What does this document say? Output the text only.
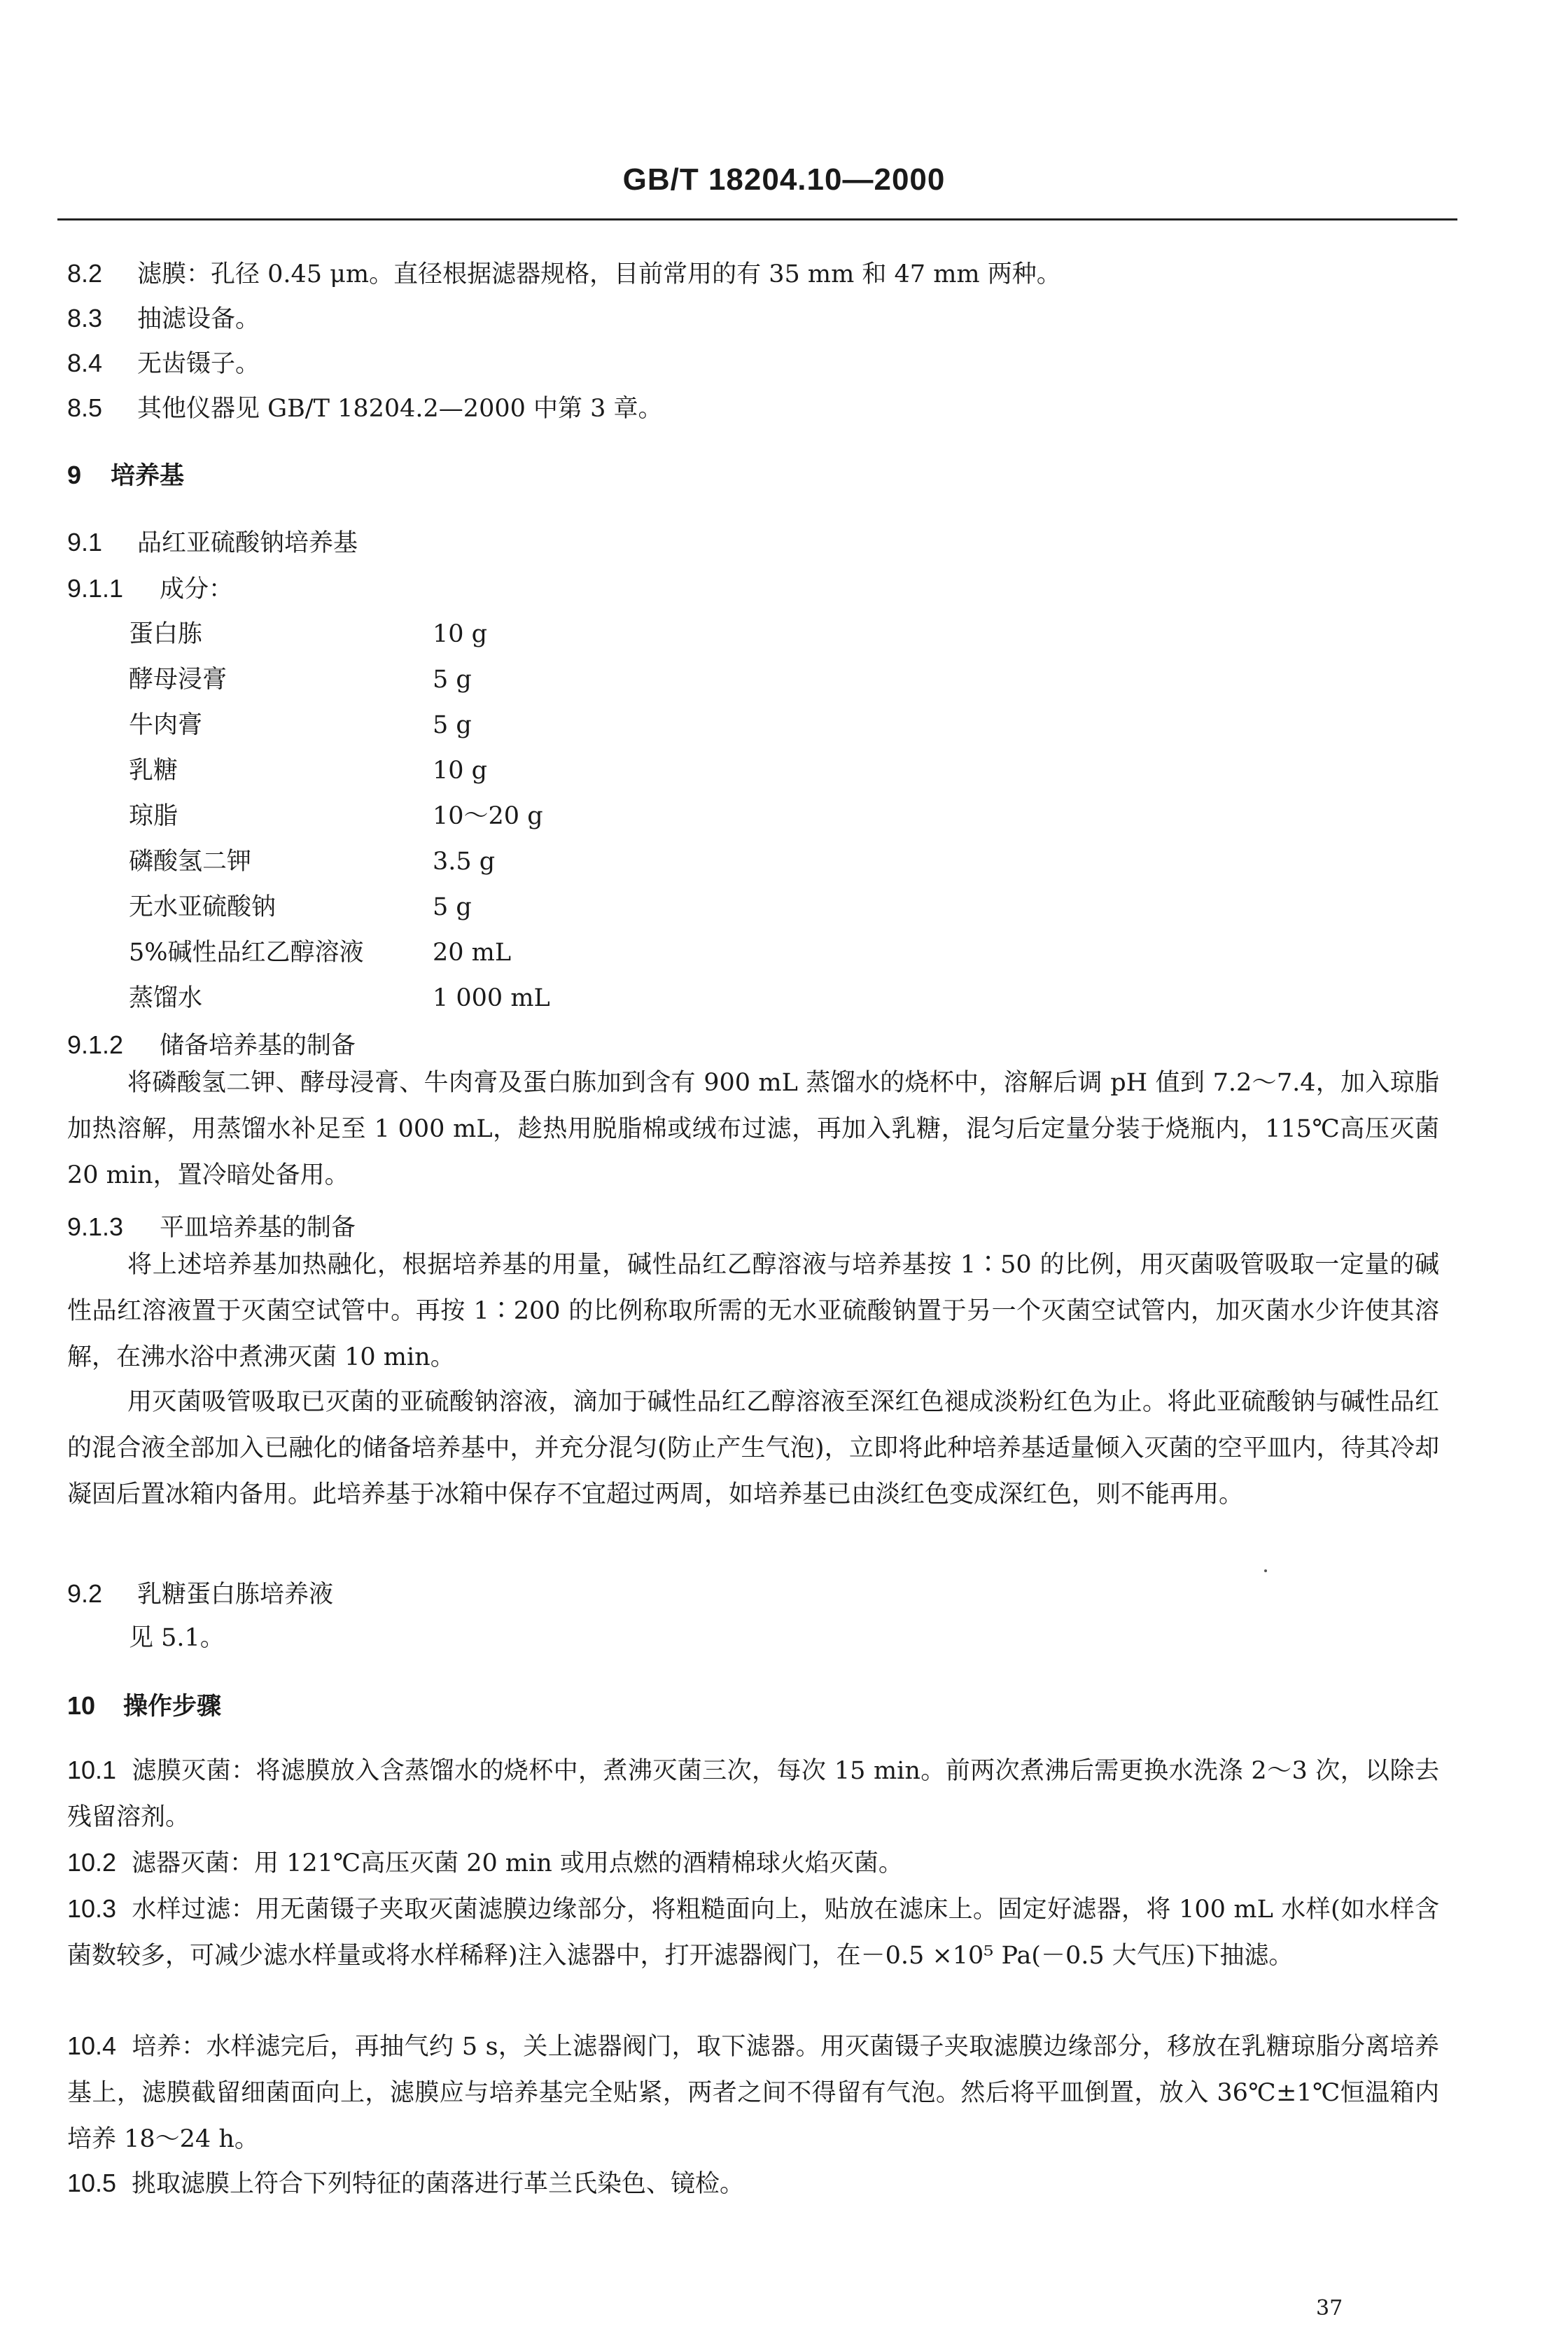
GB/T 18204.10—2000
8.2 滤膜：孔径 0.45 μm。直径根据滤器规格，目前常用的有 35 mm 和 47 mm 两种。
8.3 抽滤设备。
8.4 无齿镊子。
8.5 其他仪器见 GB/T 18204.2—2000 中第 3 章。
9 培养基
9.1 品红亚硫酸钠培养基
9.1.1 成分：
蛋白胨	10 g
酵母浸膏	5 g
牛肉膏	5 g
乳糖	10 g
琼脂	10～20 g
磷酸氢二钾	3.5 g
无水亚硫酸钠	5 g
5%碱性品红乙醇溶液	20 mL
蒸馏水	1 000 mL
9.1.2 储备培养基的制备
将磷酸氢二钾、酵母浸膏、牛肉膏及蛋白胨加到含有 900 mL 蒸馏水的烧杯中，溶解后调 pH 值到 7.2～7.4，加入琼脂加热溶解，用蒸馏水补足至 1 000 mL，趁热用脱脂棉或绒布过滤，再加入乳糖，混匀后定量分装于烧瓶内，115℃高压灭菌 20 min，置冷暗处备用。
9.1.3 平皿培养基的制备
将上述培养基加热融化，根据培养基的用量，碱性品红乙醇溶液与培养基按 1∶50 的比例，用灭菌吸管吸取一定量的碱性品红溶液置于灭菌空试管中。再按 1∶200 的比例称取所需的无水亚硫酸钠置于另一个灭菌空试管内，加灭菌水少许使其溶解，在沸水浴中煮沸灭菌 10 min。
用灭菌吸管吸取已灭菌的亚硫酸钠溶液，滴加于碱性品红乙醇溶液至深红色褪成淡粉红色为止。将此亚硫酸钠与碱性品红的混合液全部加入已融化的储备培养基中，并充分混匀(防止产生气泡)，立即将此种培养基适量倾入灭菌的空平皿内，待其冷却凝固后置冰箱内备用。此培养基于冰箱中保存不宜超过两周，如培养基已由淡红色变成深红色，则不能再用。
9.2 乳糖蛋白胨培养液
见 5.1。
10 操作步骤
10.1 滤膜灭菌：将滤膜放入含蒸馏水的烧杯中，煮沸灭菌三次，每次 15 min。前两次煮沸后需更换水洗涤 2～3 次，以除去残留溶剂。
10.2 滤器灭菌：用 121℃高压灭菌 20 min 或用点燃的酒精棉球火焰灭菌。
10.3 水样过滤：用无菌镊子夹取灭菌滤膜边缘部分，将粗糙面向上，贴放在滤床上。固定好滤器，将 100 mL 水样(如水样含菌数较多，可减少滤水样量或将水样稀释)注入滤器中，打开滤器阀门，在－0.5 ×10⁵ Pa(－0.5 大气压)下抽滤。
10.4 培养：水样滤完后，再抽气约 5 s，关上滤器阀门，取下滤器。用灭菌镊子夹取滤膜边缘部分，移放在乳糖琼脂分离培养基上，滤膜截留细菌面向上，滤膜应与培养基完全贴紧，两者之间不得留有气泡。然后将平皿倒置，放入 36℃±1℃恒温箱内培养 18～24 h。
10.5 挑取滤膜上符合下列特征的菌落进行革兰氏染色、镜检。
37
